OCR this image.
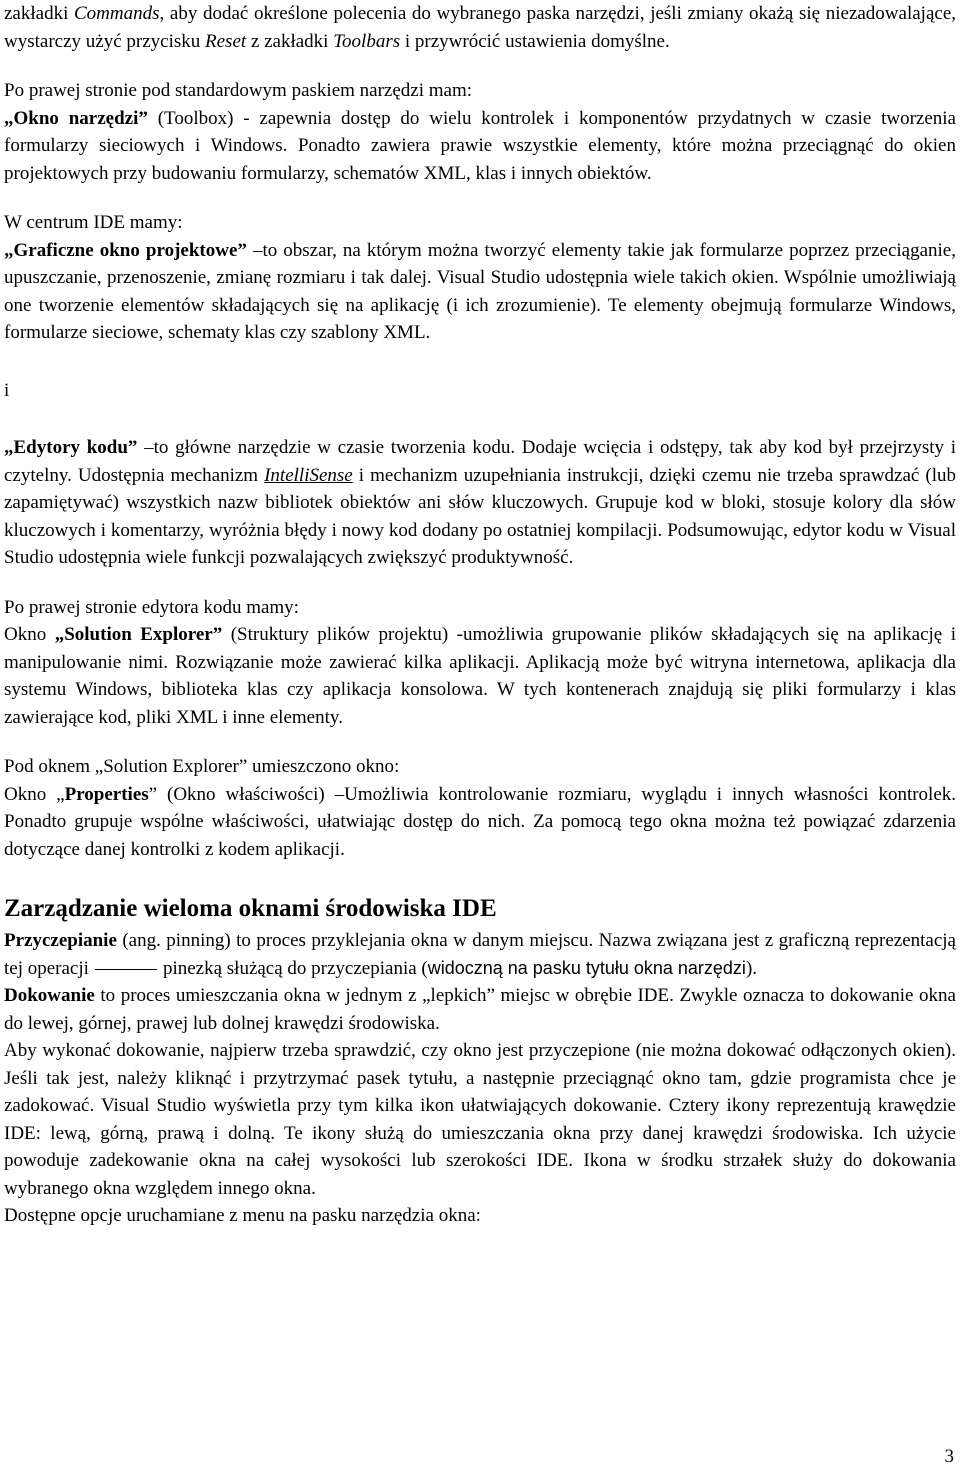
zakładki Commands, aby dodać określone polecenia do wybranego paska narzędzi, jeśli zmiany okażą się niezadowalające, wystarczy użyć przycisku Reset z zakładki Toolbars i przywrócić ustawienia domyślne.

Po prawej stronie pod standardowym paskiem narzędzi mam:

„Okno narzędzi” (Toolbox) - zapewnia dostęp do wielu kontrolek i komponentów przydatnych w czasie tworzenia formularzy sieciowych i Windows. Ponadto zawiera prawie wszystkie elementy, które można przeciągnąć do okien projektowych przy budowaniu formularzy, schematów XML, klas i innych obiektów.

W centrum IDE mamy:

„Graficzne okno projektowe” –to obszar, na którym można tworzyć elementy takie jak formularze poprzez przeciąganie, upuszczanie, przenoszenie, zmianę rozmiaru i tak dalej. Visual Studio udostępnia wiele takich okien. Wspólnie umożliwiają one tworzenie elementów składających się na aplikację (i ich zrozumienie). Te elementy obejmują formularze Windows, formularze sieciowe, schematy klas czy szablony XML.

i

„Edytory kodu” –to główne narzędzie w czasie tworzenia kodu. Dodaje wcięcia i odstępy, tak aby kod był przejrzysty i czytelny. Udostępnia mechanizm IntelliSense i mechanizm uzupełniania instrukcji, dzięki czemu nie trzeba sprawdzać (lub zapamiętywać) wszystkich nazw bibliotek obiektów ani słów kluczowych. Grupuje kod w bloki, stosuje kolory dla słów kluczowych i komentarzy, wyróżnia błędy i nowy kod dodany po ostatniej kompilacji. Podsumowując, edytor kodu w Visual Studio udostępnia wiele funkcji pozwalających zwiększyć produktywność.

Po prawej stronie edytora kodu mamy:

Okno „Solution Explorer” (Struktury plików projektu) -umożliwia grupowanie plików składających się na aplikację i manipulowanie nimi. Rozwiązanie może zawierać kilka aplikacji. Aplikacją może być witryna internetowa, aplikacja dla systemu Windows, biblioteka klas czy aplikacja konsolowa. W tych kontenerach znajdują się pliki formularzy i klas zawierające kod, pliki XML i inne elementy.

Pod oknem „Solution Explorer” umieszczono okno:

Okno „Properties” (Okno właściwości) –Umożliwia kontrolowanie rozmiaru, wyglądu i innych własności kontrolek. Ponadto grupuje wspólne właściwości, ułatwiając dostęp do nich. Za pomocą tego okna można też powiązać zdarzenia dotyczące danej kontrolki z kodem aplikacji.

Zarządzanie wieloma oknami środowiska IDE

Przyczepianie (ang. pinning) to proces przyklejania okna w danym miejscu. Nazwa związana jest z graficzną reprezentacją tej operacji	pinezką służącą do przyczepiania (widoczną na pasku tytułu okna narzędzi).

Dokowanie to proces umieszczania okna w jednym z „lepkich” miejsc w obrębie IDE. Zwykle oznacza to dokowanie okna do lewej, górnej, prawej lub dolnej krawędzi środowiska.

Aby wykonać dokowanie, najpierw trzeba sprawdzić, czy okno jest przyczepione (nie można dokować odłączonych okien). Jeśli tak jest, należy kliknąć i przytrzymać pasek tytułu, a następnie przeciągnąć okno tam, gdzie programista chce je zadokować. Visual Studio wyświetla przy tym kilka ikon ułatwiających dokowanie. Cztery ikony reprezentują krawędzie IDE: lewą, górną, prawą i dolną. Te ikony służą do umieszczania okna przy danej krawędzi środowiska. Ich użycie powoduje zadekowanie okna na całej wysokości lub szerokości IDE. Ikona w środku strzałek służy do dokowania wybranego okna względem innego okna.

Dostępne opcje uruchamiane z menu na pasku narzędzia okna:

3
